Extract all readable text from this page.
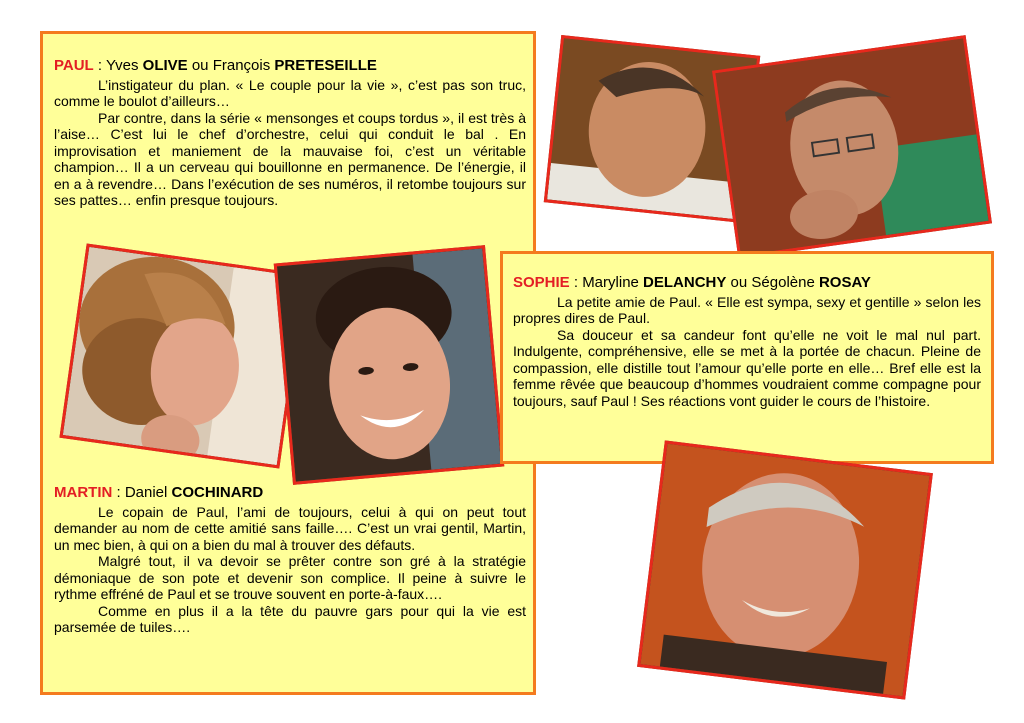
PAUL : Yves OLIVE ou François PRETESEILLE

L’instigateur du plan. « Le couple pour la vie », c’est pas son truc, comme le boulot d’ailleurs…

Par contre, dans la série « mensonges et coups tordus », il est très à l’aise… C’est lui le chef d’orchestre, celui qui conduit le bal . En improvisation et maniement de la mauvaise foi, c’est un véritable champion… Il a un cerveau qui bouillonne en permanence. De l’énergie, il en a à revendre… Dans l’exécution de ses numéros, il retombe toujours sur ses pattes… enfin presque toujours.

MARTIN : Daniel COCHINARD

Le copain de Paul, l’ami de toujours, celui à qui on peut tout demander au nom de cette amitié sans faille…. C’est un vrai gentil, Martin, un mec bien, à qui on a bien du mal à trouver des défauts.

Malgré tout, il va devoir se prêter contre son gré à la stratégie démoniaque de son pote et devenir son complice. Il peine à suivre le rythme effréné de Paul et se trouve souvent en porte-à-faux….

Comme en plus il a la tête du pauvre gars pour qui la vie est parsemée de tuiles….

SOPHIE : Maryline DELANCHY ou Ségolène ROSAY

La petite amie de Paul. « Elle est sympa, sexy et gentille » selon les propres dires de Paul.

Sa douceur et sa candeur font qu’elle ne voit le mal nul part. Indulgente, compréhensive, elle se met à la portée de chacun. Pleine de compassion, elle distille tout l’amour qu’elle porte en elle… Bref elle est la femme rêvée que beaucoup d’hommes voudraient comme compagne pour toujours, sauf Paul ! Ses réactions vont guider le cours de l’histoire.
